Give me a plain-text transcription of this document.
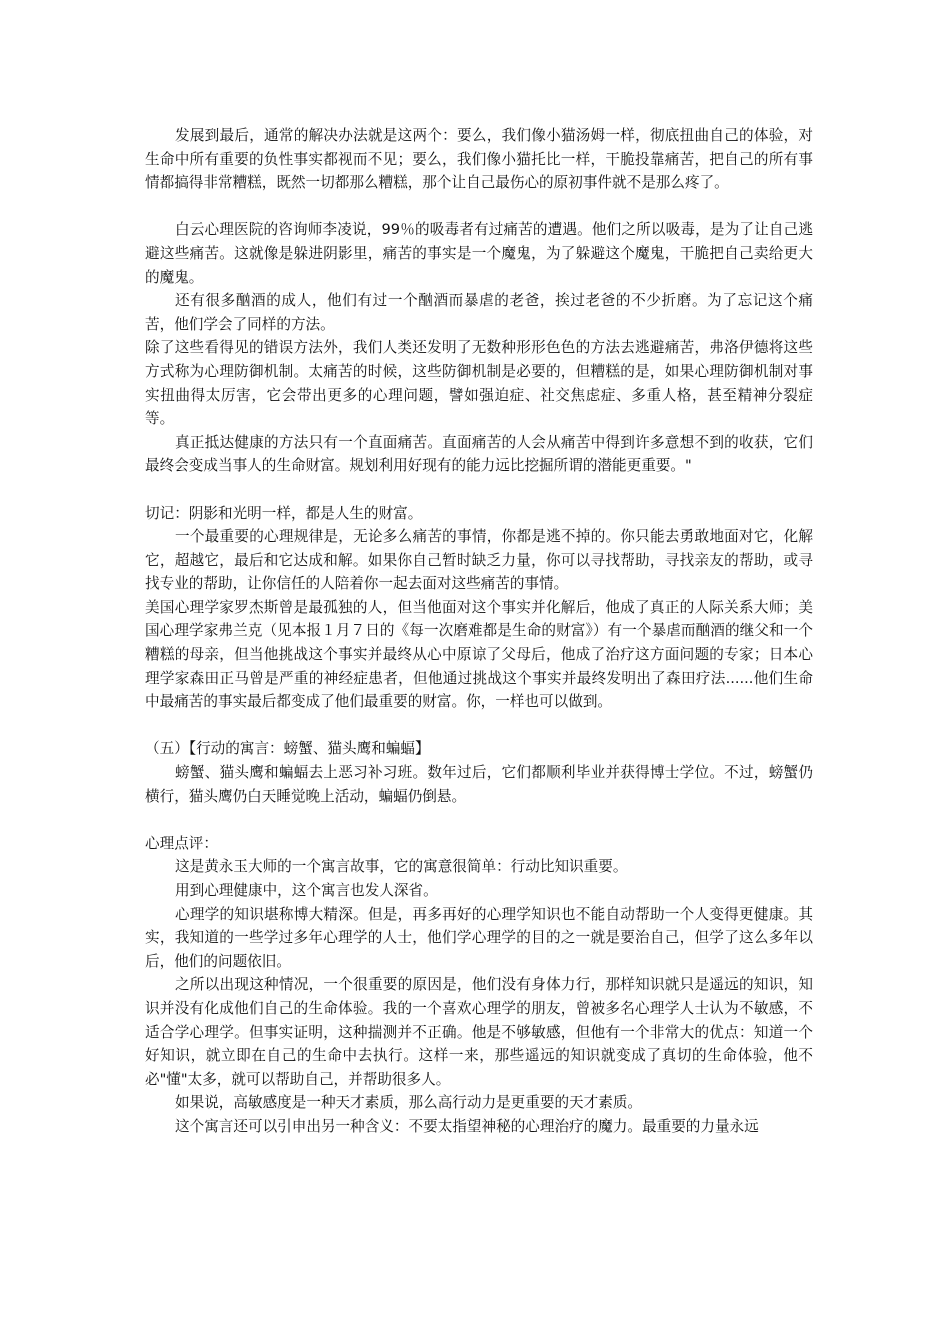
发展到最后，通常的解决办法就是这两个：要么，我们像小猫汤姆一样，彻底扭曲自己的体验，对生命中所有重要的负性事实都视而不见；要么，我们像小猫托比一样，干脆投靠痛苦，把自己的所有事情都搞得非常糟糕，既然一切都那么糟糕，那个让自己最伤心的原初事件就不是那么疼了。

白云心理医院的咨询师李凌说，99％的吸毒者有过痛苦的遭遇。他们之所以吸毒，是为了让自己逃避这些痛苦。这就像是躲进阴影里，痛苦的事实是一个魔鬼，为了躲避这个魔鬼，干脆把自己卖给更大的魔鬼。

还有很多酗酒的成人，他们有过一个酗酒而暴虐的老爸，挨过老爸的不少折磨。为了忘记这个痛苦，他们学会了同样的方法。

除了这些看得见的错误方法外，我们人类还发明了无数种形形色色的方法去逃避痛苦，弗洛伊德将这些方式称为心理防御机制。太痛苦的时候，这些防御机制是必要的，但糟糕的是，如果心理防御机制对事实扭曲得太厉害，它会带出更多的心理问题，譬如强迫症、社交焦虑症、多重人格，甚至精神分裂症等。

真正抵达健康的方法只有一个直面痛苦。直面痛苦的人会从痛苦中得到许多意想不到的收获，它们最终会变成当事人的生命财富。规划利用好现有的能力远比挖掘所谓的潜能更重要。"

切记：阴影和光明一样，都是人生的财富。

一个最重要的心理规律是，无论多么痛苦的事情，你都是逃不掉的。你只能去勇敢地面对它，化解它，超越它，最后和它达成和解。如果你自己暂时缺乏力量，你可以寻找帮助，寻找亲友的帮助，或寻找专业的帮助，让你信任的人陪着你一起去面对这些痛苦的事情。

美国心理学家罗杰斯曾是最孤独的人，但当他面对这个事实并化解后，他成了真正的人际关系大师；美国心理学家弗兰克（见本报１月７日的《每一次磨难都是生命的财富》）有一个暴虐而酗酒的继父和一个糟糕的母亲，但当他挑战这个事实并最终从心中原谅了父母后，他成了治疗这方面问题的专家；日本心理学家森田正马曾是严重的神经症患者，但他通过挑战这个事实并最终发明出了森田疗法......他们生命中最痛苦的事实最后都变成了他们最重要的财富。你，一样也可以做到。

（五）【行动的寓言：螃蟹、猫头鹰和蝙蝠】

螃蟹、猫头鹰和蝙蝠去上恶习补习班。数年过后，它们都顺利毕业并获得博士学位。不过，螃蟹仍横行，猫头鹰仍白天睡觉晚上活动，蝙蝠仍倒悬。

心理点评：

这是黄永玉大师的一个寓言故事，它的寓意很简单：行动比知识重要。

用到心理健康中，这个寓言也发人深省。

心理学的知识堪称博大精深。但是，再多再好的心理学知识也不能自动帮助一个人变得更健康。其实，我知道的一些学过多年心理学的人士，他们学心理学的目的之一就是要治自己，但学了这么多年以后，他们的问题依旧。

之所以出现这种情况，一个很重要的原因是，他们没有身体力行，那样知识就只是遥远的知识，知识并没有化成他们自己的生命体验。我的一个喜欢心理学的朋友，曾被多名心理学人士认为不敏感，不适合学心理学。但事实证明，这种揣测并不正确。他是不够敏感，但他有一个非常大的优点：知道一个好知识，就立即在自己的生命中去执行。这样一来，那些遥远的知识就变成了真切的生命体验，他不必"懂"太多，就可以帮助自己，并帮助很多人。

如果说，高敏感度是一种天才素质，那么高行动力是更重要的天才素质。

这个寓言还可以引申出另一种含义：不要太指望神秘的心理治疗的魔力。最重要的力量永远
